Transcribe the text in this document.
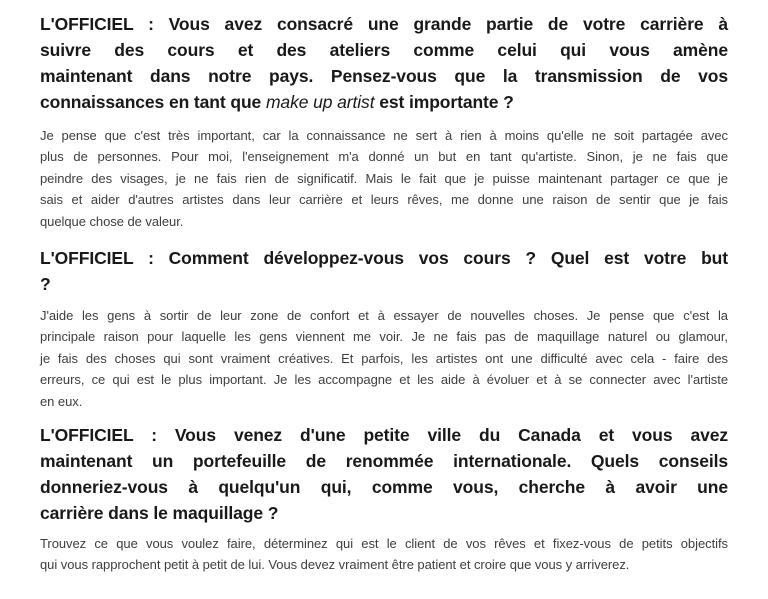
L'OFFICIEL : Vous avez consacré une grande partie de votre carrière à
suivre des cours et des ateliers comme celui qui vous amène
maintenant dans notre pays. Pensez-vous que la transmission de vos
connaissances en tant que make up artist est importante ?
Je pense que c'est très important, car la connaissance ne sert à rien à moins qu'elle ne soit partagée avec
plus de personnes. Pour moi, l'enseignement m'a donné un but en tant qu'artiste. Sinon, je ne fais que
peindre des visages, je ne fais rien de significatif. Mais le fait que je puisse maintenant partager ce que je
sais et aider d'autres artistes dans leur carrière et leurs rêves, me donne une raison de sentir que je fais
quelque chose de valeur.
L'OFFICIEL : Comment développez-vous vos cours ? Quel est votre but
?
J'aide les gens à sortir de leur zone de confort et à essayer de nouvelles choses. Je pense que c'est la
principale raison pour laquelle les gens viennent me voir. Je ne fais pas de maquillage naturel ou glamour,
je fais des choses qui sont vraiment créatives. Et parfois, les artistes ont une difficulté avec cela - faire des
erreurs, ce qui est le plus important. Je les accompagne et les aide à évoluer et à se connecter avec l'artiste
en eux.
L'OFFICIEL : Vous venez d'une petite ville du Canada et vous avez
maintenant un portefeuille de renommée internationale. Quels conseils
donneriez-vous à quelqu'un qui, comme vous, cherche à avoir une
carrière dans le maquillage ?
Trouvez ce que vous voulez faire, déterminez qui est le client de vos rêves et fixez-vous de petits objectifs
qui vous rapprochent petit à petit de lui. Vous devez vraiment être patient et croire que vous y arriverez.
